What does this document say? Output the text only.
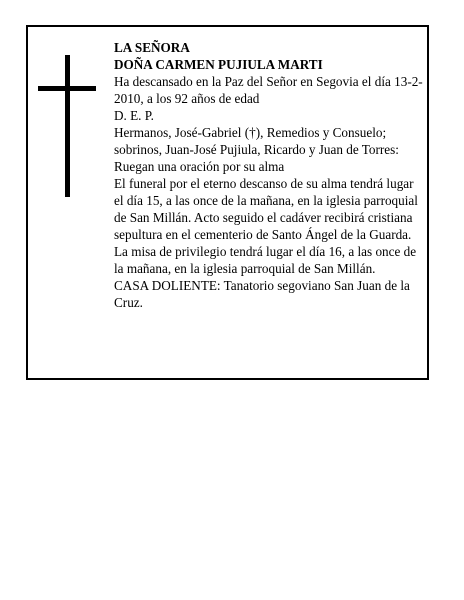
LA SEÑORA
DOÑA CARMEN PUJIULA MARTI
Ha descansado en la Paz del Señor en Segovia el día 13-2-2010, a los 92 años de edad
D. E. P.
Hermanos, José-Gabriel (†), Remedios y Consuelo; sobrinos, Juan-José Pujiula, Ricardo y Juan de Torres:
Ruegan una oración por su alma
El funeral por el eterno descanso de su alma tendrá lugar el día 15, a las once de la mañana, en la iglesia parroquial de San Millán. Acto seguido el cadáver recibirá cristiana sepultura en el cementerio de Santo Ángel de la Guarda. La misa de privilegio tendrá lugar el día 16, a las once de la mañana, en la iglesia parroquial de San Millán.
CASA DOLIENTE: Tanatorio segoviano San Juan de la Cruz.
